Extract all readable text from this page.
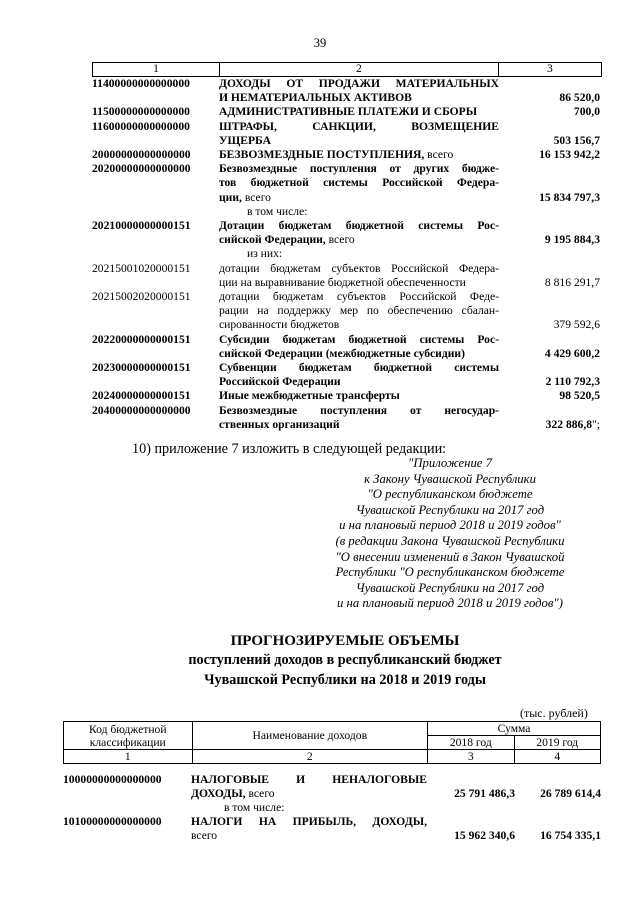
39
1	2	3
11400000000000000	ДОХОДЫ ОТ ПРОДАЖИ МАТЕРИАЛЬНЫХ
И НЕМАТЕРИАЛЬНЫХ АКТИВОВ	86 520,0
11500000000000000	АДМИНИСТРАТИВНЫЕ ПЛАТЕЖИ И СБОРЫ	700,0
11600000000000000	ШТРАФЫ, САНКЦИИ, ВОЗМЕЩЕНИЕ
УЩЕРБА	503 156,7
20000000000000000	БЕЗВОЗМЕЗДНЫЕ ПОСТУПЛЕНИЯ, всего	16 153 942,2
20200000000000000	Безвозмездные поступления от других бюдже-
тов бюджетной системы Российской Федера-
ции, всего	15 834 797,3
в том числе:
20210000000000151	Дотации бюджетам бюджетной системы Рос-
сийской Федерации, всего	9 195 884,3
из них:
20215001020000151	дотации бюджетам субъектов Российской Федера-
ции на выравнивание бюджетной обеспеченности	8 816 291,7
20215002020000151	дотации бюджетам субъектов Российской Феде-
рации на поддержку мер по обеспечению сбалан-
сированности бюджетов	379 592,6
20220000000000151	Субсидии бюджетам бюджетной системы Рос-
сийской Федерации (межбюджетные субсидии)	4 429 600,2
20230000000000151	Субвенции бюджетам бюджетной системы
Российской Федерации	2 110 792,3
20240000000000151	Иные межбюджетные трансферты	98 520,5
20400000000000000	Безвозмездные поступления от негосудар-
ственных организаций	322 886,8";
10) приложение 7 изложить в следующей редакции:
"Приложение 7
к Закону Чувашской Республики
"О республиканском бюджете
Чувашской Республики на 2017 год
и на плановый период 2018 и 2019 годов"
(в редакции Закона Чувашской Республики
"О внесении изменений в Закон Чувашской
Республики "О республиканском бюджете
Чувашской Республики на 2017 год
и на плановый период 2018 и 2019 годов")
ПРОГНОЗИРУЕМЫЕ ОБЪЕМЫ
поступлений доходов в республиканский бюджет
Чувашской Республики на 2018 и 2019 годы
(тыс. рублей)
Код бюджетной классификации	Наименование доходов	Сумма	
		2018 год	2019 год
1	2	3	4
10000000000000000	НАЛОГОВЫЕ И НЕНАЛОГОВЫЕ
ДОХОДЫ, всего	25 791 486,3	26 789 614,4
в том числе:
10100000000000000	НАЛОГИ НА ПРИБЫЛЬ, ДОХОДЫ,
всего	15 962 340,6	16 754 335,1
